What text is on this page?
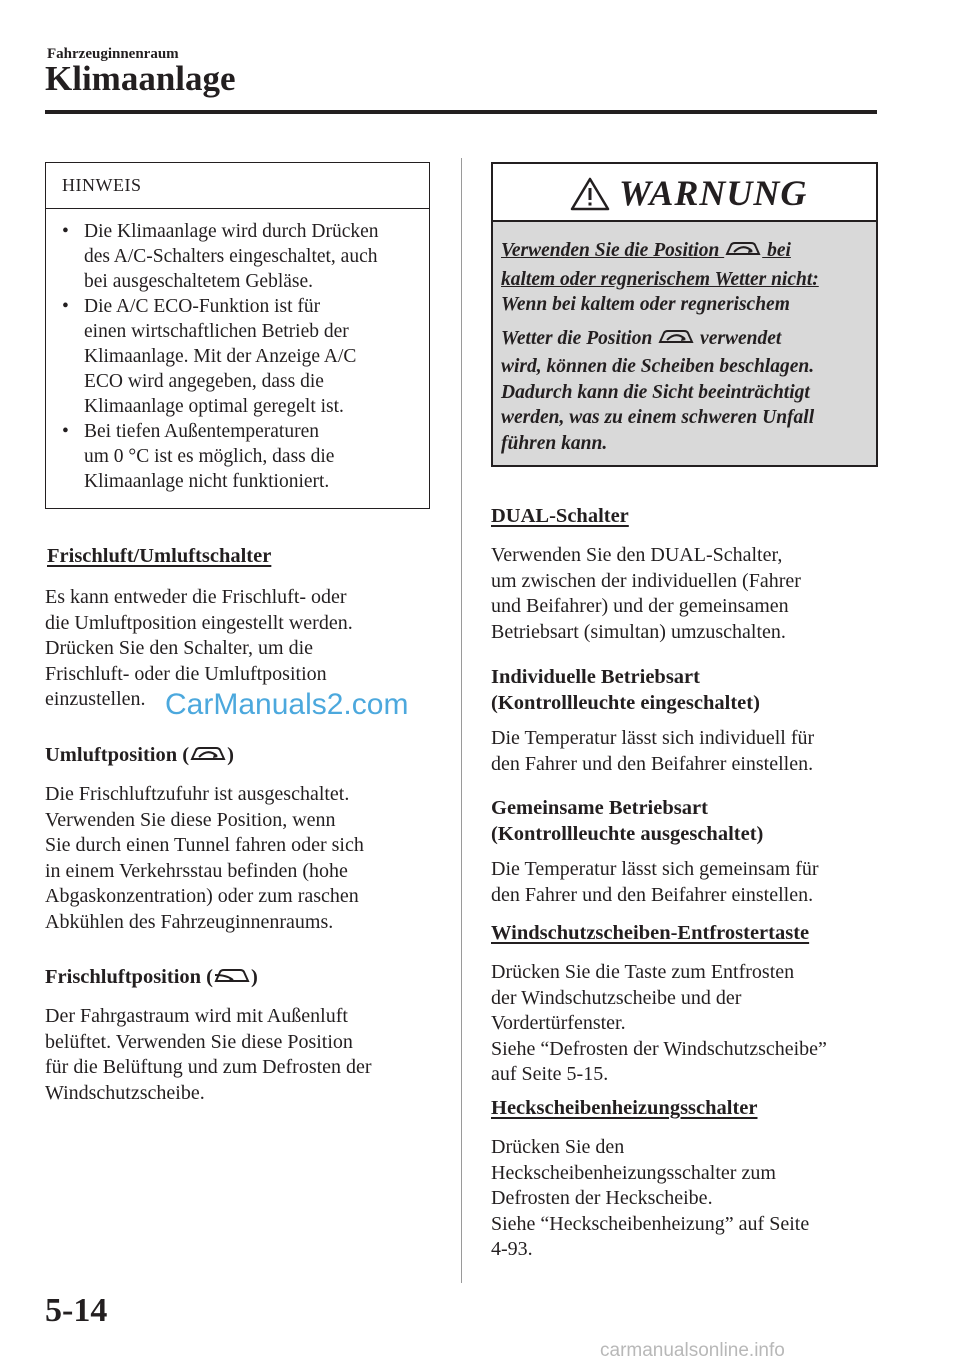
Fahrzeuginnenraum
Klimaanlage
HINWEIS
• Die Klimaanlage wird durch Drücken
des A/C-Schalters eingeschaltet, auch
bei ausgeschaltetem Gebläse.
• Die A/C ECO-Funktion ist für
einen wirtschaftlichen Betrieb der
Klimaanlage. Mit der Anzeige A/C
ECO wird angegeben, dass die
Klimaanlage optimal geregelt ist.
• Bei tiefen Außentemperaturen
um 0 °C ist es möglich, dass die
Klimaanlage nicht funktioniert.
Frischluft/Umluftschalter
Es kann entweder die Frischluft- oder
die Umluftposition eingestellt werden.
Drücken Sie den Schalter, um die
Frischluft- oder die Umluftposition
einzustellen. CarManuals2.com
Umluftposition ( )
Die Frischluftzufuhr ist ausgeschaltet.
Verwenden Sie diese Position, wenn
Sie durch einen Tunnel fahren oder sich
in einem Verkehrsstau befinden (hohe
Abgaskonzentration) oder zum raschen
Abkühlen des Fahrzeuginnenraums.
Frischluftposition ( )
Der Fahrgastraum wird mit Außenluft
belüftet. Verwenden Sie diese Position
für die Belüftung und zum Defrosten der
Windschutzscheibe.
WARNUNG
Verwenden Sie die Position  bei
kaltem oder regnerischem Wetter nicht:
Wenn bei kaltem oder regnerischem
Wetter die Position  verwendet
wird, können die Scheiben beschlagen.
Dadurch kann die Sicht beeinträchtigt
werden, was zu einem schweren Unfall
führen kann.
DUAL-Schalter
Verwenden Sie den DUAL-Schalter,
um zwischen der individuellen (Fahrer
und Beifahrer) und der gemeinsamen
Betriebsart (simultan) umzuschalten.
Individuelle Betriebsart
(Kontrollleuchte eingeschaltet)
Die Temperatur lässt sich individuell für
den Fahrer und den Beifahrer einstellen.
Gemeinsame Betriebsart
(Kontrollleuchte ausgeschaltet)
Die Temperatur lässt sich gemeinsam für
den Fahrer und den Beifahrer einstellen.
Windschutzscheiben-Entfrostertaste
Drücken Sie die Taste zum Entfrosten
der Windschutzscheibe und der
Vordertürfenster.
Siehe “Defrosten der Windschutzscheibe”
auf Seite 5-15.
Heckscheibenheizungsschalter
Drücken Sie den
Heckscheibenheizungsschalter zum
Defrosten der Heckscheibe.
Siehe “Heckscheibenheizung” auf Seite
4-93.
5-14
carmanualsonline.info
